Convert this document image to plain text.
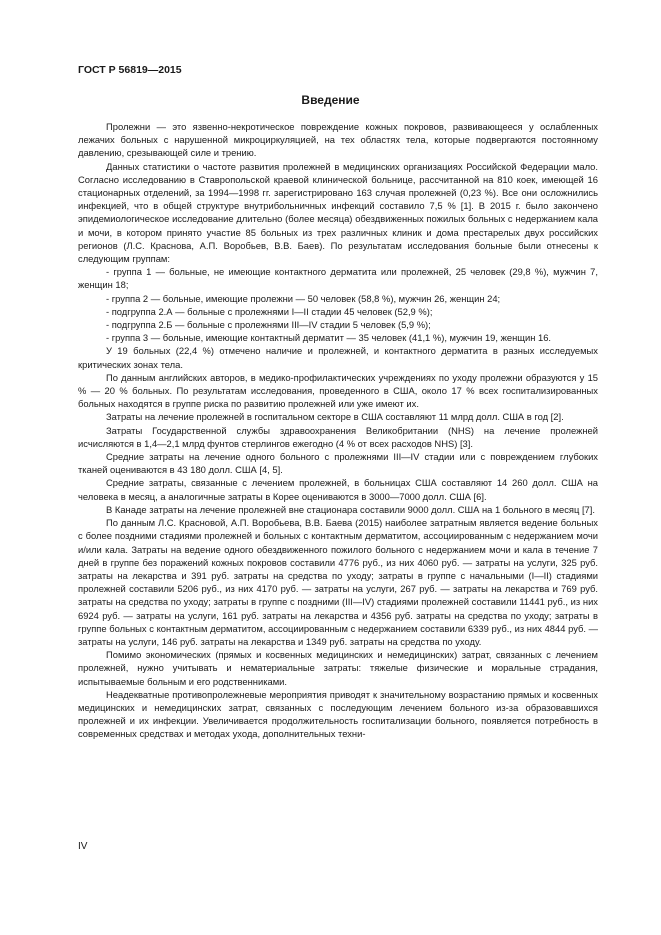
ГОСТ Р 56819—2015
Введение

Пролежни — это язвенно-некротическое повреждение кожных покровов, развивающееся у ослабленных лежачих больных с нарушенной микроциркуляцией, на тех областях тела, которые подвергаются постоянному давлению, срезывающей силе и трению.

Данных статистики о частоте развития пролежней в медицинских организациях Российской Федерации мало. Согласно исследованию в Ставропольской краевой клинической больнице, рассчитанной на 810 коек, имеющей 16 стационарных отделений, за 1994—1998 гг. зарегистрировано 163 случая пролежней (0,23 %). Все они осложнились инфекцией, что в общей структуре внутрибольничных инфекций составило 7,5 % [1]. В 2015 г. было закончено эпидемиологическое исследование длительно (более месяца) обездвиженных пожилых больных с недержанием кала и мочи, в котором принято участие 85 больных из трех различных клиник и дома престарелых двух российских регионов (Л.С. Краснова, А.П. Воробьев, В.В. Баев). По результатам исследования больные были отнесены к следующим группам:

- группа 1 — больные, не имеющие контактного дерматита или пролежней, 25 человек (29,8 %), мужчин 7, женщин 18;

- группа 2 — больные, имеющие пролежни — 50 человек (58,8 %), мужчин 26, женщин 24;

- подгруппа 2.А — больные с пролежнями I—II стадии 45 человек (52,9 %);

- подгруппа 2.Б — больные с пролежнями III—IV стадии 5 человек (5,9 %);

- группа 3 — больные, имеющие контактный дерматит — 35 человек (41,1 %), мужчин 19, женщин 16.

У 19 больных (22,4 %) отмечено наличие и пролежней, и контактного дерматита в разных исследуемых критических зонах тела.

По данным английских авторов, в медико-профилактических учреждениях по уходу пролежни образуются у 15 % — 20 % больных. По результатам исследования, проведенного в США, около 17 % всех госпитализированных больных находятся в группе риска по развитию пролежней или уже имеют их.

Затраты на лечение пролежней в госпитальном секторе в США составляют 11 млрд долл. США в год [2].

Затраты Государственной службы здравоохранения Великобритании (NHS) на лечение пролежней исчисляются в 1,4—2,1 млрд фунтов стерлингов ежегодно (4 % от всех расходов NHS) [3].

Средние затраты на лечение одного больного с пролежнями III—IV стадии или с повреждением глубоких тканей оцениваются в 43 180 долл. США [4, 5].

Средние затраты, связанные с лечением пролежней, в больницах США составляют 14 260 долл. США на человека в месяц, а аналогичные затраты в Корее оцениваются в 3000—7000 долл. США [6].

В Канаде затраты на лечение пролежней вне стационара составили 9000 долл. США на 1 больного в месяц [7].

По данным Л.С. Красновой, А.П. Воробьева, В.В. Баева (2015) наиболее затратным является ведение больных с более поздними стадиями пролежней и больных с контактным дерматитом, ассоциированным с недержанием мочи и/или кала. Затраты на ведение одного обездвиженного пожилого больного с недержанием мочи и кала в течение 7 дней в группе без поражений кожных покровов составили 4776 руб., из них 4060 руб. — затраты на услуги, 325 руб. затраты на лекарства и 391 руб. затраты на средства по уходу; затраты в группе с начальными (I—II) стадиями пролежней составили 5206 руб., из них 4170 руб. — затраты на услуги, 267 руб. — затраты на лекарства и 769 руб. затраты на средства по уходу; затраты в группе с поздними (III—IV) стадиями пролежней составили 11441 руб., из них 6924 руб. — затраты на услуги, 161 руб. затраты на лекарства и 4356 руб. затраты на средства по уходу; затраты в группе больных с контактным дерматитом, ассоциированным с недержанием составили 6339 руб., из них 4844 руб. — затраты на услуги, 146 руб. затраты на лекарства и 1349 руб. затраты на средства по уходу.

Помимо экономических (прямых и косвенных медицинских и немедицинских) затрат, связанных с лечением пролежней, нужно учитывать и нематериальные затраты: тяжелые физические и моральные страдания, испытываемые больным и его родственниками.

Неадекватные противопролежневые мероприятия приводят к значительному возрастанию прямых и косвенных медицинских и немедицинских затрат, связанных с последующим лечением больного из-за образовавшихся пролежней и их инфекции. Увеличивается продолжительность госпитализации больного, появляется потребность в современных средствах и методах ухода, дополнительных техни-

IV
